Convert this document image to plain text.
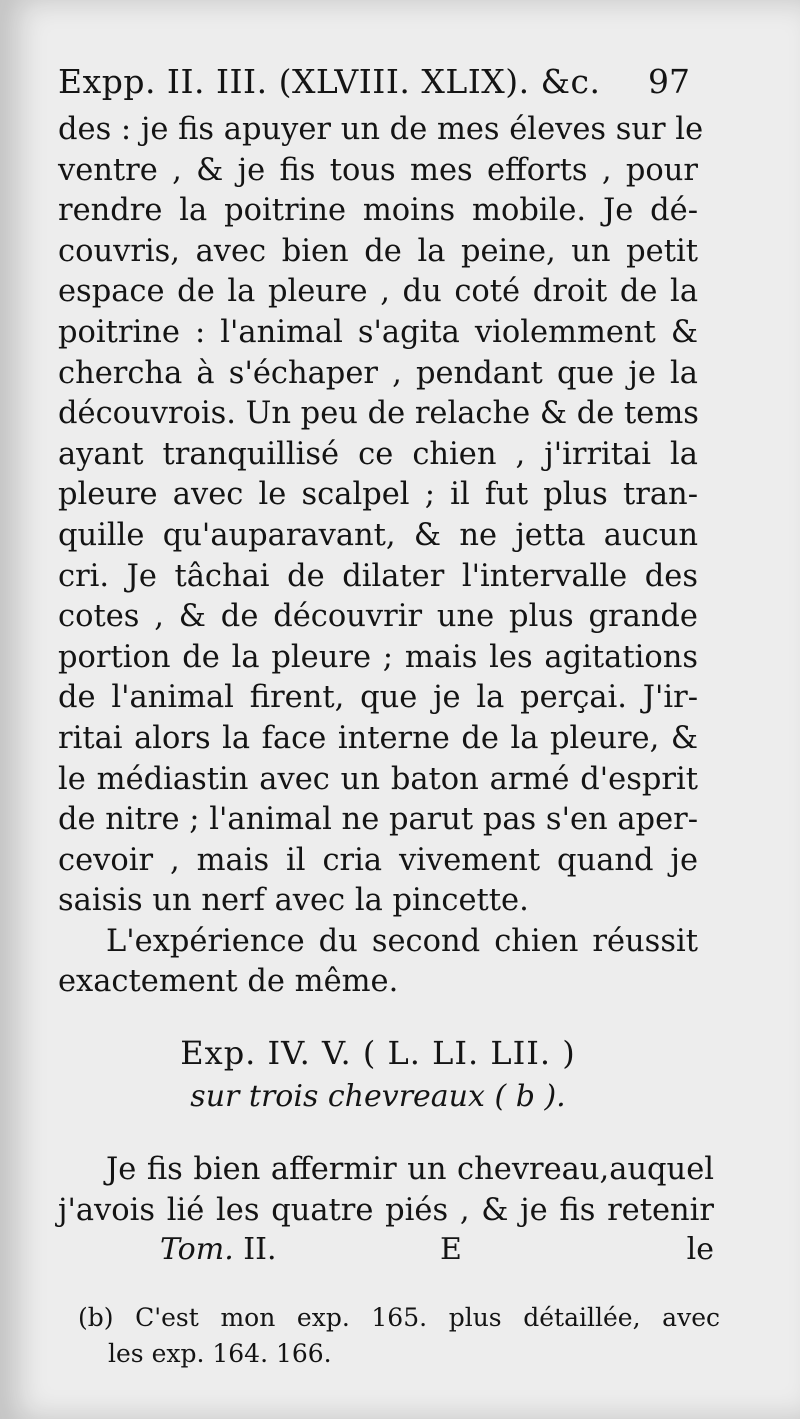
Expp. II. III. (XLVIII. XLIX). &c. 97
des : je fis apuyer un de mes éleves sur le
ventre , & je fis tous mes efforts , pour
rendre la poitrine moins mobile. Je dé-
couvris, avec bien de la peine, un petit
espace de la pleure , du coté droit de la
poitrine : l'animal s'agita violemment &
chercha à s'échaper , pendant que je la
découvrois. Un peu de relache & de tems
ayant tranquillisé ce chien , j'irritai la
pleure avec le scalpel ; il fut plus tran-
quille qu'auparavant, & ne jetta aucun
cri. Je tâchai de dilater l'intervalle des
cotes , & de découvrir une plus grande
portion de la pleure ; mais les agitations
de l'animal firent, que je la perçai. J'ir-
ritai alors la face interne de la pleure, &
le médiastin avec un baton armé d'esprit
de nitre ; l'animal ne parut pas s'en aper-
cevoir , mais il cria vivement quand je
saisis un nerf avec la pincette.
L'expérience du second chien réussit
exactement de même.
Exp. IV. V. ( L. LI. LII. )
sur trois chevreaux ( b ).
Je fis bien affermir un chevreau,auquel
j'avois lié les quatre piés , & je fis retenir
Tom. II.	E	le
(b) C'est mon exp. 165. plus détaillée, avec
les exp. 164. 166.
